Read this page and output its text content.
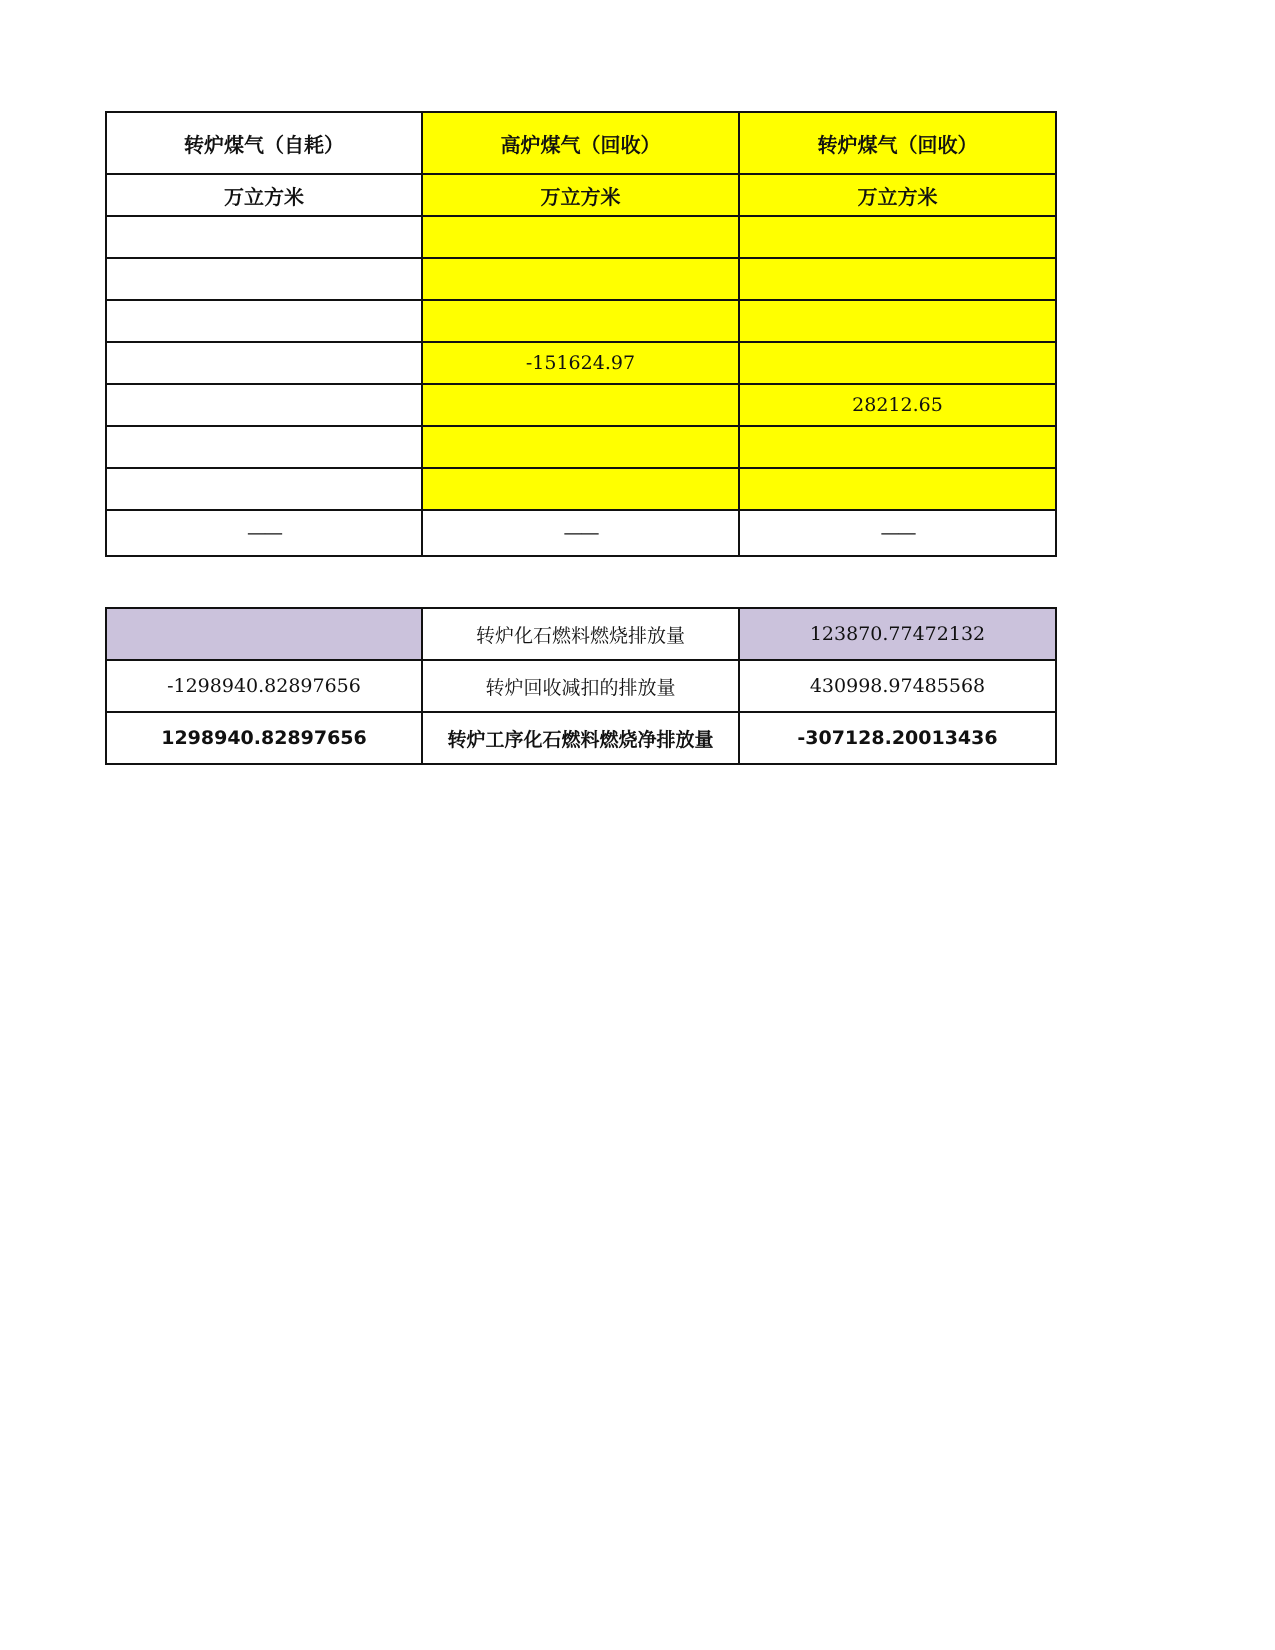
转炉煤气（自耗）	高炉煤气（回收）	转炉煤气（回收）
万立方米	万立方米	万立方米

	-151624.97	
		28212.65

——	——	——
	转炉化石燃料燃烧排放量	123870.77472132
-1298940.82897656	转炉回收减扣的排放量	430998.97485568
1298940.82897656	转炉工序化石燃料燃烧净排放量	-307128.20013436
